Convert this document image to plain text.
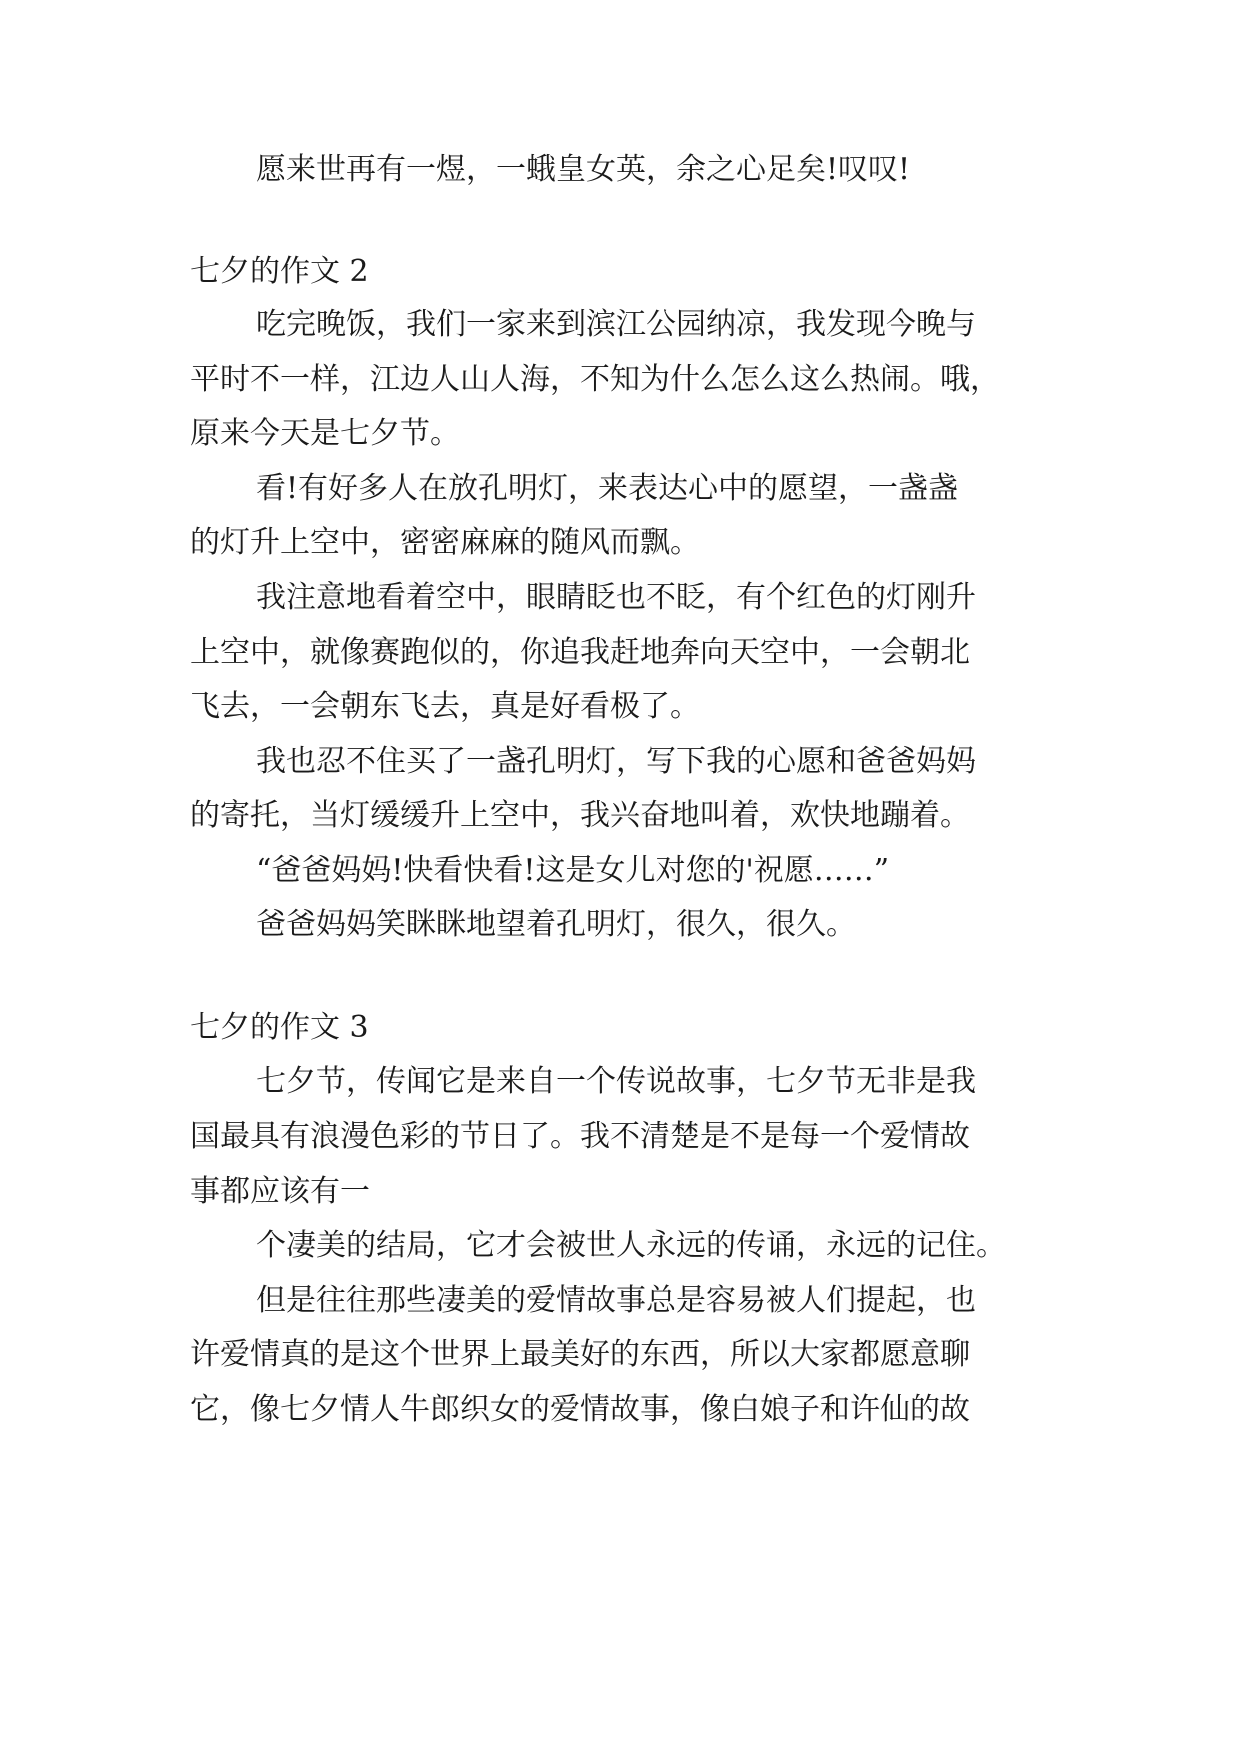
愿来世再有一煜，一蛾皇女英，余之心足矣!叹叹!

七夕的作文 2

吃完晚饭，我们一家来到滨江公园纳凉，我发现今晚与

平时不一样，江边人山人海，不知为什么怎么这么热闹。哦，

原来今天是七夕节。

看!有好多人在放孔明灯，来表达心中的愿望，一盏盏

的灯升上空中，密密麻麻的随风而飘。

我注意地看着空中，眼睛眨也不眨，有个红色的灯刚升

上空中，就像赛跑似的，你追我赶地奔向天空中，一会朝北

飞去，一会朝东飞去，真是好看极了。

我也忍不住买了一盏孔明灯，写下我的心愿和爸爸妈妈

的寄托，当灯缓缓升上空中，我兴奋地叫着，欢快地蹦着。

“爸爸妈妈!快看快看!这是女儿对您的'祝愿……”

爸爸妈妈笑眯眯地望着孔明灯，很久，很久。

七夕的作文 3

七夕节，传闻它是来自一个传说故事，七夕节无非是我

国最具有浪漫色彩的节日了。我不清楚是不是每一个爱情故

事都应该有一

个凄美的结局，它才会被世人永远的传诵，永远的记住。

但是往往那些凄美的爱情故事总是容易被人们提起，也

许爱情真的是这个世界上最美好的东西，所以大家都愿意聊

它，像七夕情人牛郎织女的爱情故事，像白娘子和许仙的故
